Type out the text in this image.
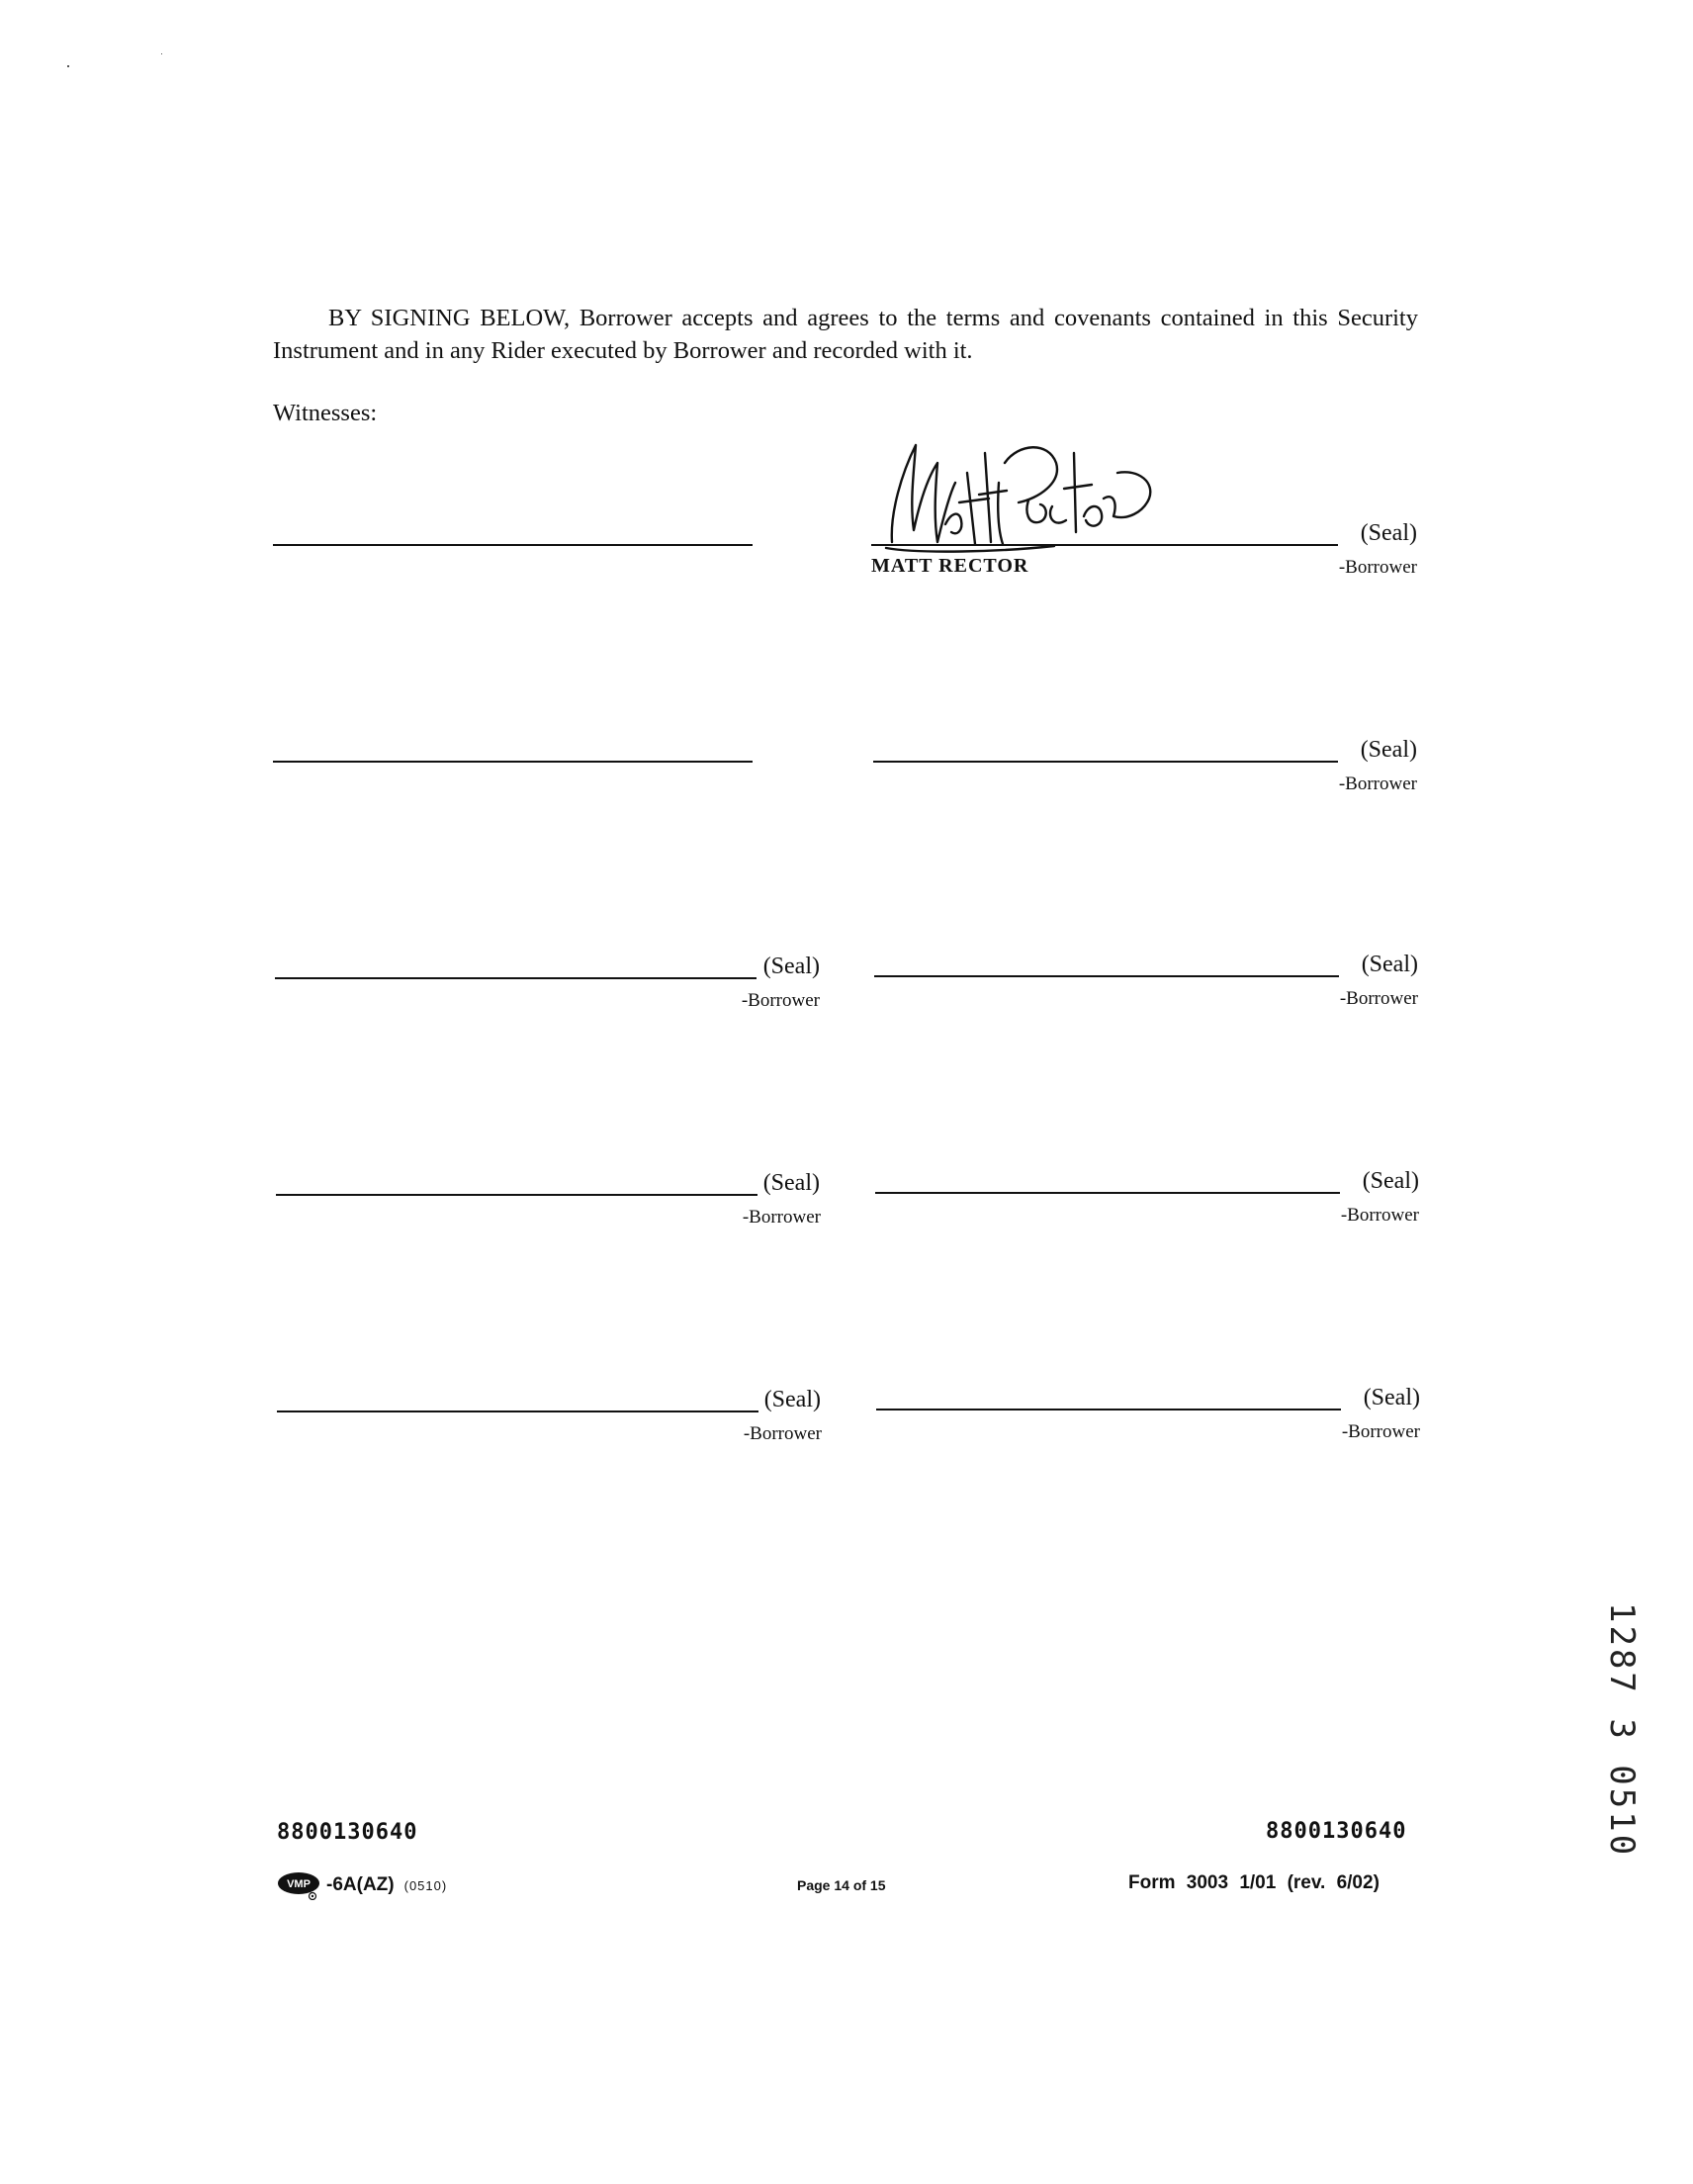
BY SIGNING BELOW, Borrower accepts and agrees to the terms and covenants contained in this Security Instrument and in any Rider executed by Borrower and recorded with it.

Witnesses:
(Seal)
MATT RECTOR	-Borrower
(Seal)
-Borrower
(Seal)
-Borrower
(Seal)
-Borrower
(Seal)
-Borrower
(Seal)
-Borrower
(Seal)
-Borrower
(Seal)
-Borrower
8800130640	8800130640
VMP -6A(AZ) (0510)	Page 14 of 15	Form 3003 1/01 (rev. 6/02)
1287 3 0510
